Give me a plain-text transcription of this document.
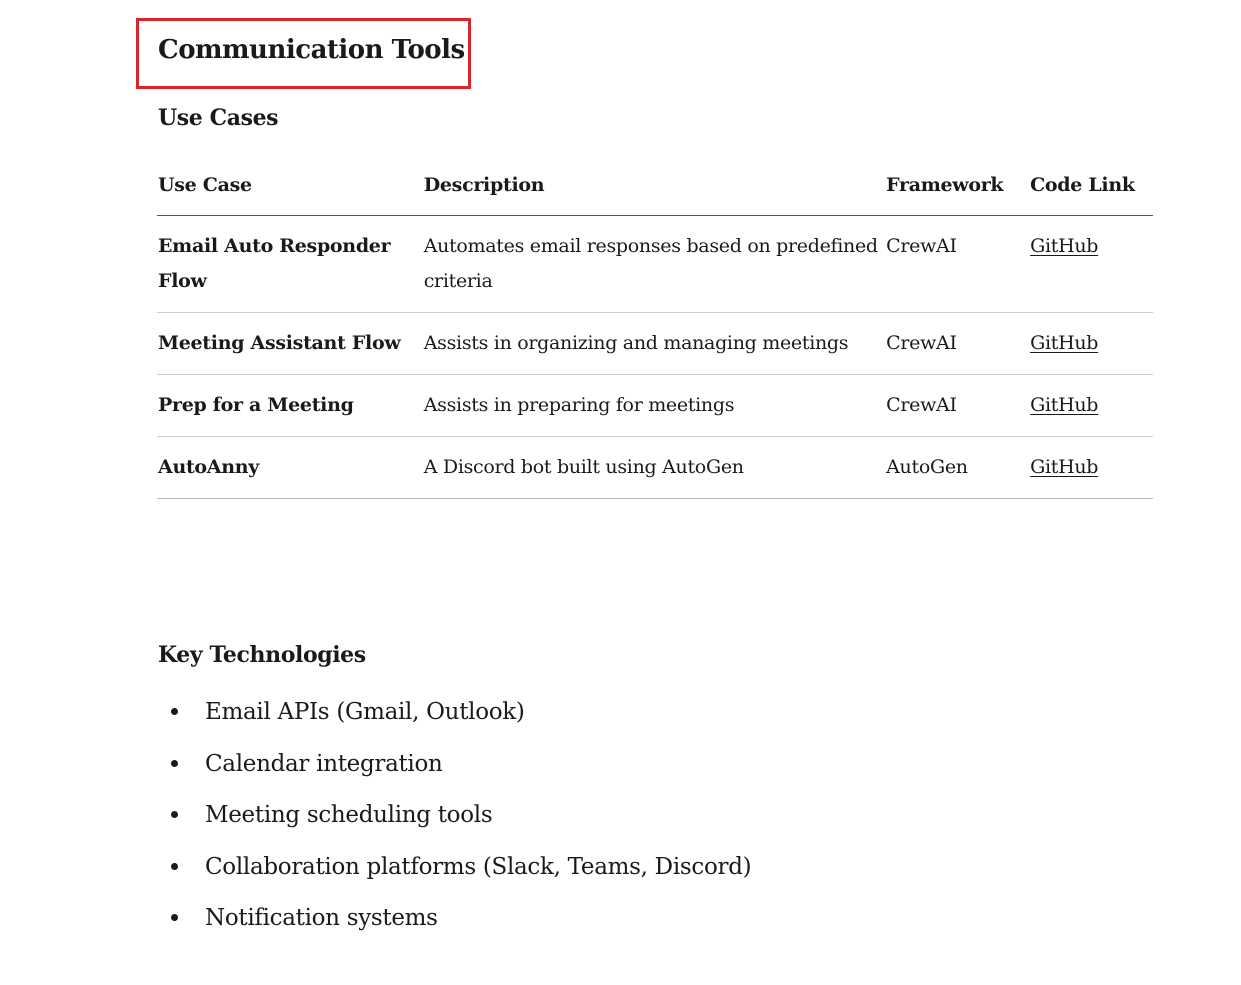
Communication Tools
Use Cases
Use Case	Description	Framework	Code Link
Email Auto Responder Flow	Automates email responses based on predefined criteria	CrewAI	GitHub
Meeting Assistant Flow	Assists in organizing and managing meetings	CrewAI	GitHub
Prep for a Meeting	Assists in preparing for meetings	CrewAI	GitHub
AutoAnny	A Discord bot built using AutoGen	AutoGen	GitHub
Key Technologies
Email APIs (Gmail, Outlook)
Calendar integration
Meeting scheduling tools
Collaboration platforms (Slack, Teams, Discord)
Notification systems
